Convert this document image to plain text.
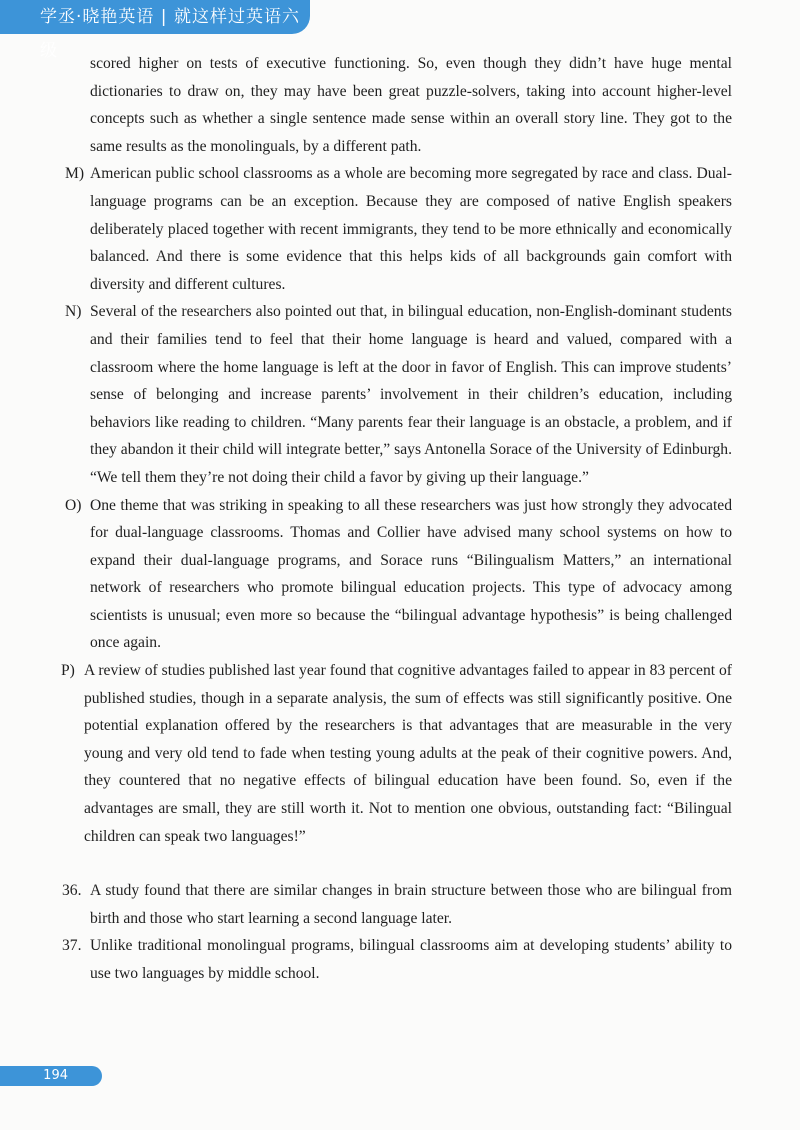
学丞·晓艳英语 | 就这样过英语六级
scored higher on tests of executive functioning. So, even though they didn’t have huge mental dictionaries to draw on, they may have been great puzzle-solvers, taking into account higher-level concepts such as whether a single sentence made sense within an overall story line. They got to the same results as the monolinguals, by a different path.
M) American public school classrooms as a whole are becoming more segregated by race and class. Dual-language programs can be an exception. Because they are composed of native English speakers deliberately placed together with recent immigrants, they tend to be more ethnically and economically balanced. And there is some evidence that this helps kids of all backgrounds gain comfort with diversity and different cultures.
N) Several of the researchers also pointed out that, in bilingual education, non-English-dominant students and their families tend to feel that their home language is heard and valued, compared with a classroom where the home language is left at the door in favor of English. This can improve students’ sense of belonging and increase parents’ involvement in their children’s education, including behaviors like reading to children. “Many parents fear their language is an obstacle, a problem, and if they abandon it their child will integrate better,” says Antonella Sorace of the University of Edinburgh. “We tell them they’re not doing their child a favor by giving up their language.”
O) One theme that was striking in speaking to all these researchers was just how strongly they advocated for dual-language classrooms. Thomas and Collier have advised many school systems on how to expand their dual-language programs, and Sorace runs “Bilingualism Matters,” an international network of researchers who promote bilingual education projects. This type of advocacy among scientists is unusual; even more so because the “bilingual advantage hypothesis” is being challenged once again.
P) A review of studies published last year found that cognitive advantages failed to appear in 83 percent of published studies, though in a separate analysis, the sum of effects was still significantly positive. One potential explanation offered by the researchers is that advantages that are measurable in the very young and very old tend to fade when testing young adults at the peak of their cognitive powers. And, they countered that no negative effects of bilingual education have been found. So, even if the advantages are small, they are still worth it. Not to mention one obvious, outstanding fact: “Bilingual children can speak two languages!”
36. A study found that there are similar changes in brain structure between those who are bilingual from birth and those who start learning a second language later.
37. Unlike traditional monolingual programs, bilingual classrooms aim at developing students’ ability to use two languages by middle school.
194
